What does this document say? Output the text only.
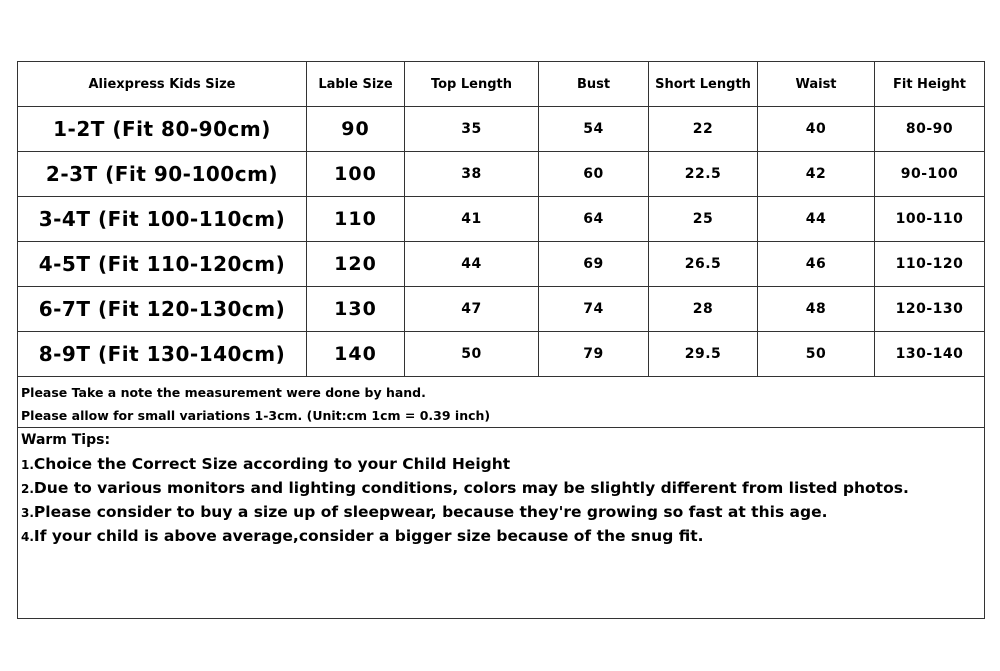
Aliexpress Kids Size	Lable Size	Top Length	Bust	Short Length	Waist	Fit Height
1-2T (Fit 80-90cm)	90	35	54	22	40	80-90
2-3T (Fit 90-100cm)	100	38	60	22.5	42	90-100
3-4T (Fit 100-110cm)	110	41	64	25	44	100-110
4-5T (Fit 110-120cm)	120	44	69	26.5	46	110-120
6-7T (Fit 120-130cm)	130	47	74	28	48	120-130
8-9T (Fit 130-140cm)	140	50	79	29.5	50	130-140
Please Take a note the measurement were done by hand.
Please allow for small variations 1-3cm. (Unit:cm 1cm = 0.39 inch)
Warm Tips:
1.Choice the Correct Size according to your Child Height
2.Due to various monitors and lighting conditions, colors may be slightly different from listed photos.
3.Please consider to buy a size up of sleepwear, because they're growing so fast at this age.
4.If your child is above average,consider a bigger size because of the snug fit.
